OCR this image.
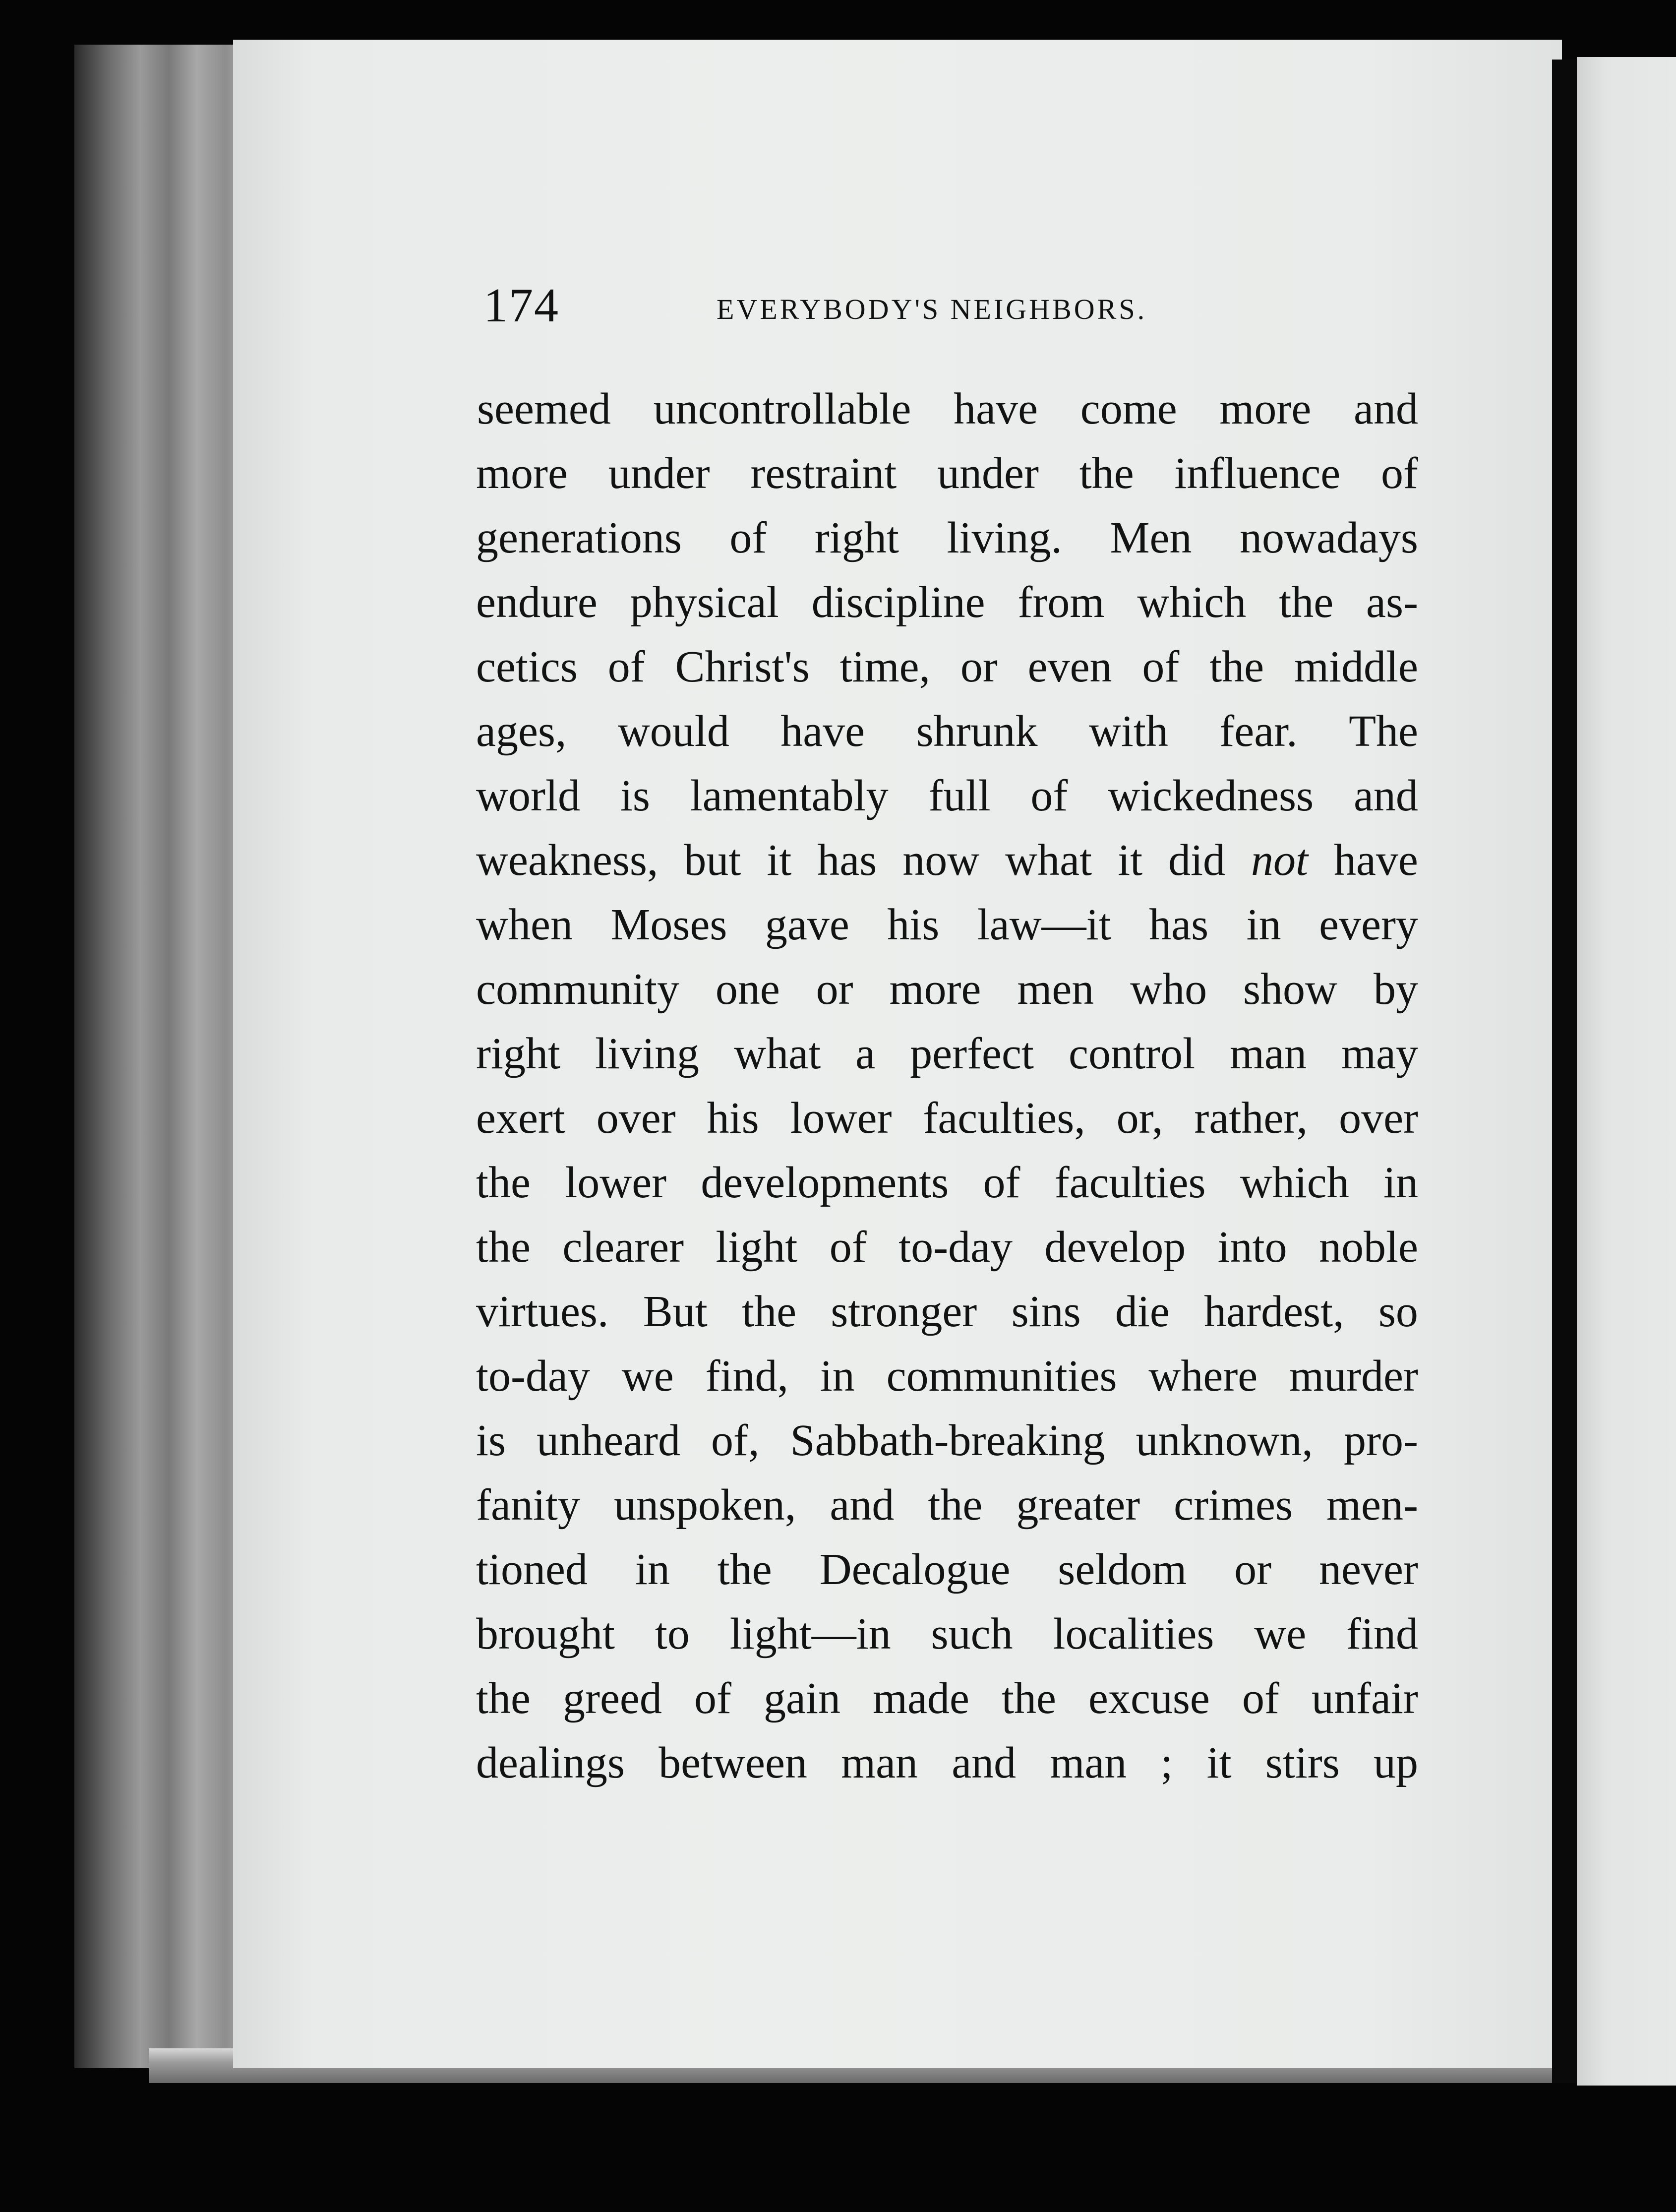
174	EVERYBODY'S NEIGHBORS.
seemed uncontrollable have come more and
more under restraint under the influence of
generations of right living. Men nowadays
endure physical discipline from which the as-
cetics of Christ's time, or even of the middle
ages, would have shrunk with fear. The
world is lamentably full of wickedness and
weakness, but it has now what it did not have
when Moses gave his law—it has in every
community one or more men who show by
right living what a perfect control man may
exert over his lower faculties, or, rather, over
the lower developments of faculties which in
the clearer light of to-day develop into noble
virtues. But the stronger sins die hardest, so
to-day we find, in communities where murder
is unheard of, Sabbath-breaking unknown, pro-
fanity unspoken, and the greater crimes men-
tioned in the Decalogue seldom or never
brought to light—in such localities we find
the greed of gain made the excuse of unfair
dealings between man and man ; it stirs up
